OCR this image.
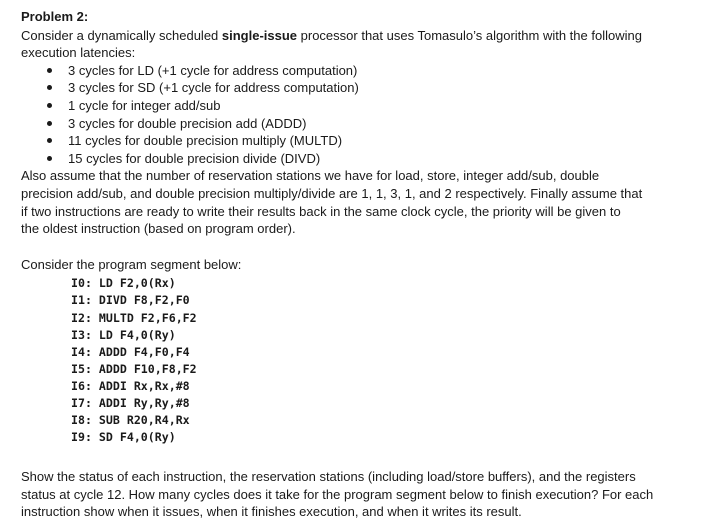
Problem 2:
Consider a dynamically scheduled single-issue processor that uses Tomasulo’s algorithm with the following
execution latencies:
3 cycles for LD (+1 cycle for address computation)
3 cycles for SD (+1 cycle for address computation)
1 cycle for integer add/sub
3 cycles for double precision add (ADDD)
11 cycles for double precision multiply (MULTD)
15 cycles for double precision divide (DIVD)
Also assume that the number of reservation stations we have for load, store, integer add/sub, double
precision add/sub, and double precision multiply/divide are 1, 1, 3, 1, and 2 respectively. Finally assume that
if two instructions are ready to write their results back in the same clock cycle, the priority will be given to
the oldest instruction (based on program order).
Consider the program segment below:
I0: LD F2,0(Rx)
I1: DIVD F8,F2,F0
I2: MULTD F2,F6,F2
I3: LD F4,0(Ry)
I4: ADDD F4,F0,F4
I5: ADDD F10,F8,F2
I6: ADDI Rx,Rx,#8
I7: ADDI Ry,Ry,#8
I8: SUB R20,R4,Rx
I9: SD F4,0(Ry)
Show the status of each instruction, the reservation stations (including load/store buffers), and the registers
status at cycle 12. How many cycles does it take for the program segment below to finish execution? For each
instruction show when it issues, when it finishes execution, and when it writes its result.
